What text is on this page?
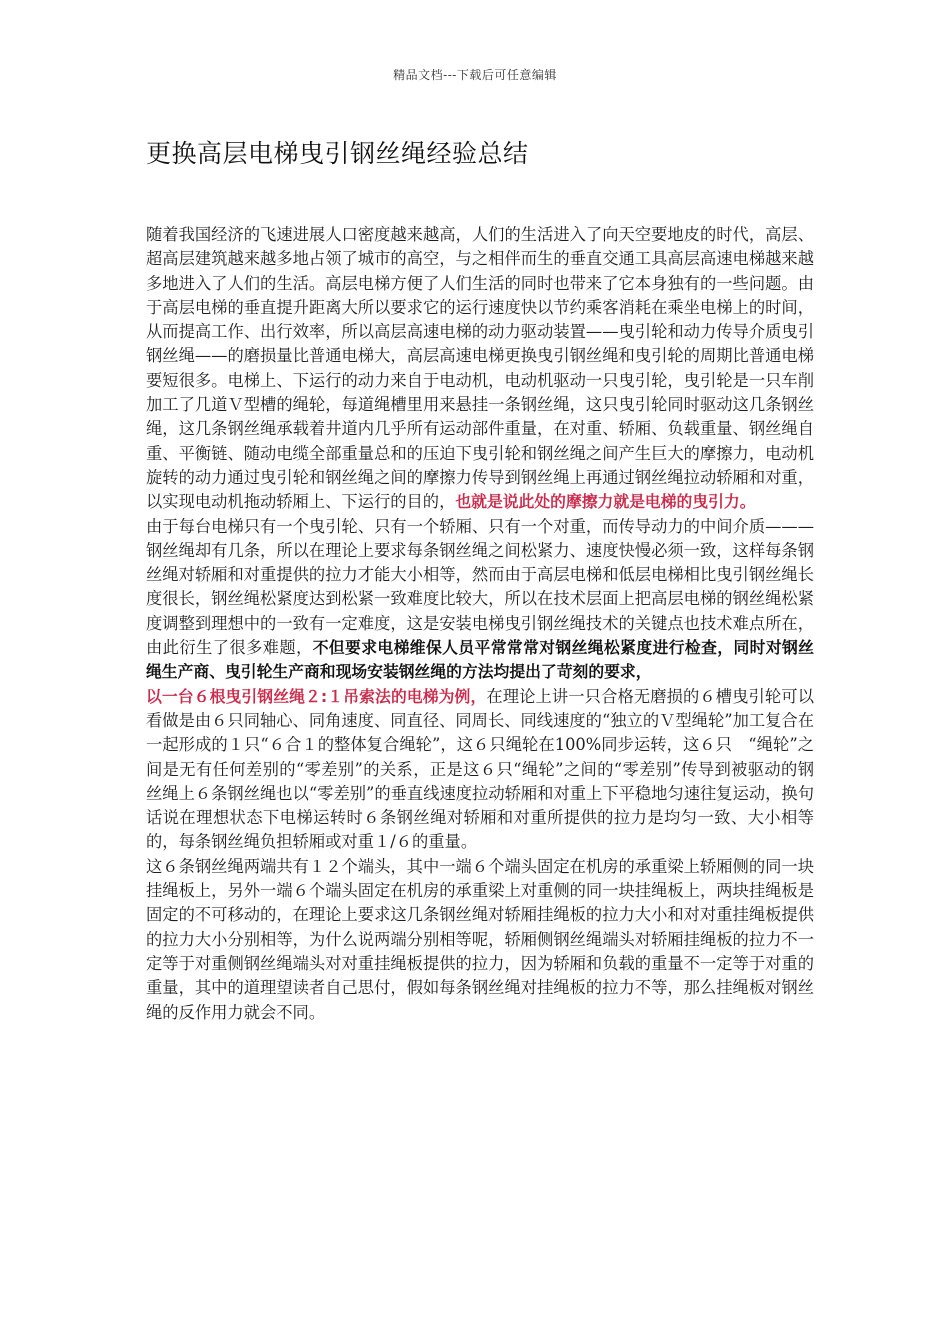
精品文档---下载后可任意编辑
更换高层电梯曳引钢丝绳经验总结

随着我国经济的飞速进展人口密度越来越高，人们的生活进入了向天空要地皮的时代，高层、超高层建筑越来越多地占领了城市的高空，与之相伴而生的垂直交通工具高层高速电梯越来越多地进入了人们的生活。高层电梯方便了人们生活的同时也带来了它本身独有的一些问题。由于高层电梯的垂直提升距离大所以要求它的运行速度快以节约乘客消耗在乘坐电梯上的时间，从而提高工作、出行效率，所以高层高速电梯的动力驱动装置——曳引轮和动力传导介质曳引钢丝绳——的磨损量比普通电梯大，高层高速电梯更换曳引钢丝绳和曳引轮的周期比普通电梯要短很多。电梯上、下运行的动力来自于电动机，电动机驱动一只曳引轮，曳引轮是一只车削加工了几道Ｖ型槽的绳轮，每道绳槽里用来悬挂一条钢丝绳，这只曳引轮同时驱动这几条钢丝绳，这几条钢丝绳承载着井道内几乎所有运动部件重量，在对重、轿厢、负载重量、钢丝绳自重、平衡链、随动电缆全部重量总和的压迫下曳引轮和钢丝绳之间产生巨大的摩擦力，电动机旋转的动力通过曳引轮和钢丝绳之间的摩擦力传导到钢丝绳上再通过钢丝绳拉动轿厢和对重，以实现电动机拖动轿厢上、下运行的目的，也就是说此处的摩擦力就是电梯的曳引力。

由于每台电梯只有一个曳引轮、只有一个轿厢、只有一个对重，而传导动力的中间介质———钢丝绳却有几条，所以在理论上要求每条钢丝绳之间松紧力、速度快慢必须一致，这样每条钢丝绳对轿厢和对重提供的拉力才能大小相等，然而由于高层电梯和低层电梯相比曳引钢丝绳长度很长，钢丝绳松紧度达到松紧一致难度比较大，所以在技术层面上把高层电梯的钢丝绳松紧度调整到理想中的一致有一定难度，这是安装电梯曳引钢丝绳技术的关键点也技术难点所在，由此衍生了很多难题，不但要求电梯维保人员平常常常对钢丝绳松紧度进行检查，同时对钢丝绳生产商、曳引轮生产商和现场安装钢丝绳的方法均提出了苛刻的要求，

以一台６根曳引钢丝绳２:１吊索法的电梯为例，在理论上讲一只合格无磨损的６槽曳引轮可以看做是由６只同轴心、同角速度、同直径、同周长、同线速度的“独立的Ｖ型绳轮”加工复合在一起形成的１只“６合１的整体复合绳轮”，这６只绳轮在100%同步运转，这６只　“绳轮”之间是无有任何差别的“零差别”的关系，正是这６只“绳轮”之间的“零差别”传导到被驱动的钢丝绳上６条钢丝绳也以“零差别”的垂直线速度拉动轿厢和对重上下平稳地匀速往复运动，换句话说在理想状态下电梯运转时６条钢丝绳对轿厢和对重所提供的拉力是均匀一致、大小相等的，每条钢丝绳负担轿厢或对重１/６的重量。

这６条钢丝绳两端共有１２个端头，其中一端６个端头固定在机房的承重梁上轿厢侧的同一块挂绳板上，另外一端６个端头固定在机房的承重梁上对重侧的同一块挂绳板上，两块挂绳板是固定的不可移动的，在理论上要求这几条钢丝绳对轿厢挂绳板的拉力大小和对对重挂绳板提供的拉力大小分别相等，为什么说两端分别相等呢，轿厢侧钢丝绳端头对轿厢挂绳板的拉力不一定等于对重侧钢丝绳端头对对重挂绳板提供的拉力，因为轿厢和负载的重量不一定等于对重的重量，其中的道理望读者自己思付，假如每条钢丝绳对挂绳板的拉力不等，那么挂绳板对钢丝绳的反作用力就会不同。
